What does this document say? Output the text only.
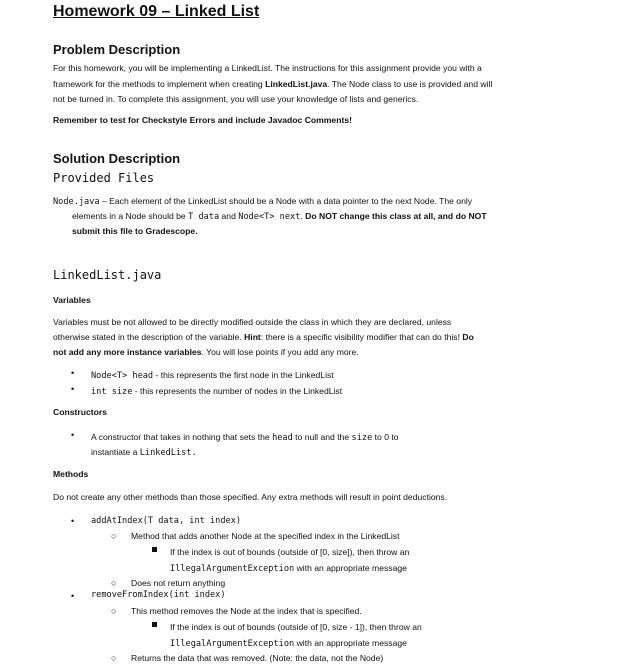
Homework 09 – Linked List
Problem Description
For this homework, you will be implementing a LinkedList. The instructions for this assignment provide you with a
framework for the methods to implement when creating LinkedList.java. The Node class to use is provided and will
not be turned in. To complete this assignment, you will use your knowledge of lists and generics.
Remember to test for Checkstyle Errors and include Javadoc Comments!
Solution Description
Provided Files
Node.java – Each element of the LinkedList should be a Node with a data pointer to the next Node. The only
elements in a Node should be T data and Node<T> next. Do NOT change this class at all, and do NOT
submit this file to Gradescope.
LinkedList.java
Variables
Variables must be not allowed to be directly modified outside the class in which they are declared, unless
otherwise stated in the description of the variable. Hint: there is a specific visibility modifier that can do this! Do
not add any more instance variables. You will lose points if you add any more.
• Node<T> head - this represents the first node in the LinkedList
• int size - this represents the number of nodes in the LinkedList
Constructors
• A constructor that takes in nothing that sets the head to null and the size to 0 to
instantiate a LinkedList.
Methods
Do not create any other methods than those specified. Any extra methods will result in point deductions.
• addAtIndex(T data, int index)
○ Method that adds another Node at the specified index in the LinkedList
If the index is out of bounds (outside of [0, size]), then throw an
IllegalArgumentException with an appropriate message
○ Does not return anything
• removeFromIndex(int index)
○ This method removes the Node at the index that is specified.
If the index is out of bounds (outside of [0, size - 1]), then throw an
IllegalArgumentException with an appropriate message
○ Returns the data that was removed. (Note: the data, not the Node)
